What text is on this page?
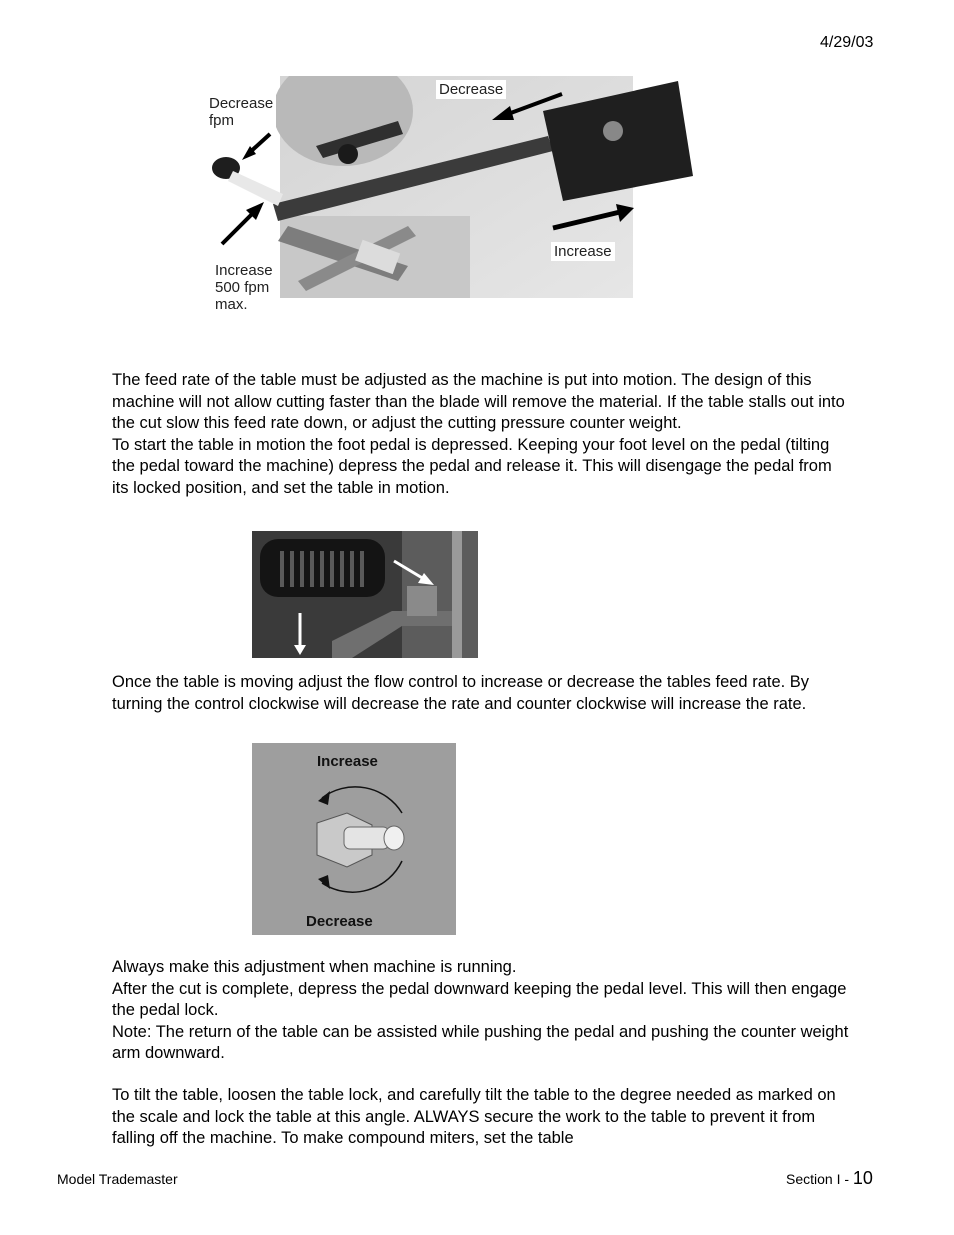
4/29/03
Decrease
fpm
Decrease
Increase
Increase
500 fpm
max.

The feed rate of the table must be adjusted as the machine is put into motion. The design of this machine will not allow cutting faster than the blade will remove the material. If the table stalls out into the cut slow this feed rate down, or adjust the cutting pressure counter weight.

To start the table in motion the foot pedal is depressed. Keeping your foot level on the pedal (tilting the pedal toward the machine) depress the pedal and release it. This will disengage the pedal from its locked position, and set the table in motion.

Once the table is moving adjust the flow control to increase or decrease the tables feed rate. By turning the control clockwise will decrease the rate and counter clockwise will increase the rate.

Increase
Decrease

Always make this adjustment when machine is running.

After the cut is complete, depress the pedal downward keeping the pedal level. This will then engage the pedal lock.

Note: The return of the table can be assisted while pushing the pedal and pushing the counter weight arm downward.

To tilt the table, loosen the table lock, and carefully tilt the table to the degree needed as marked on the scale and lock the table at this angle. ALWAYS secure the work to the table to prevent it from falling off the machine. To make compound miters, set the table

Model Trademaster	Section I - 10
